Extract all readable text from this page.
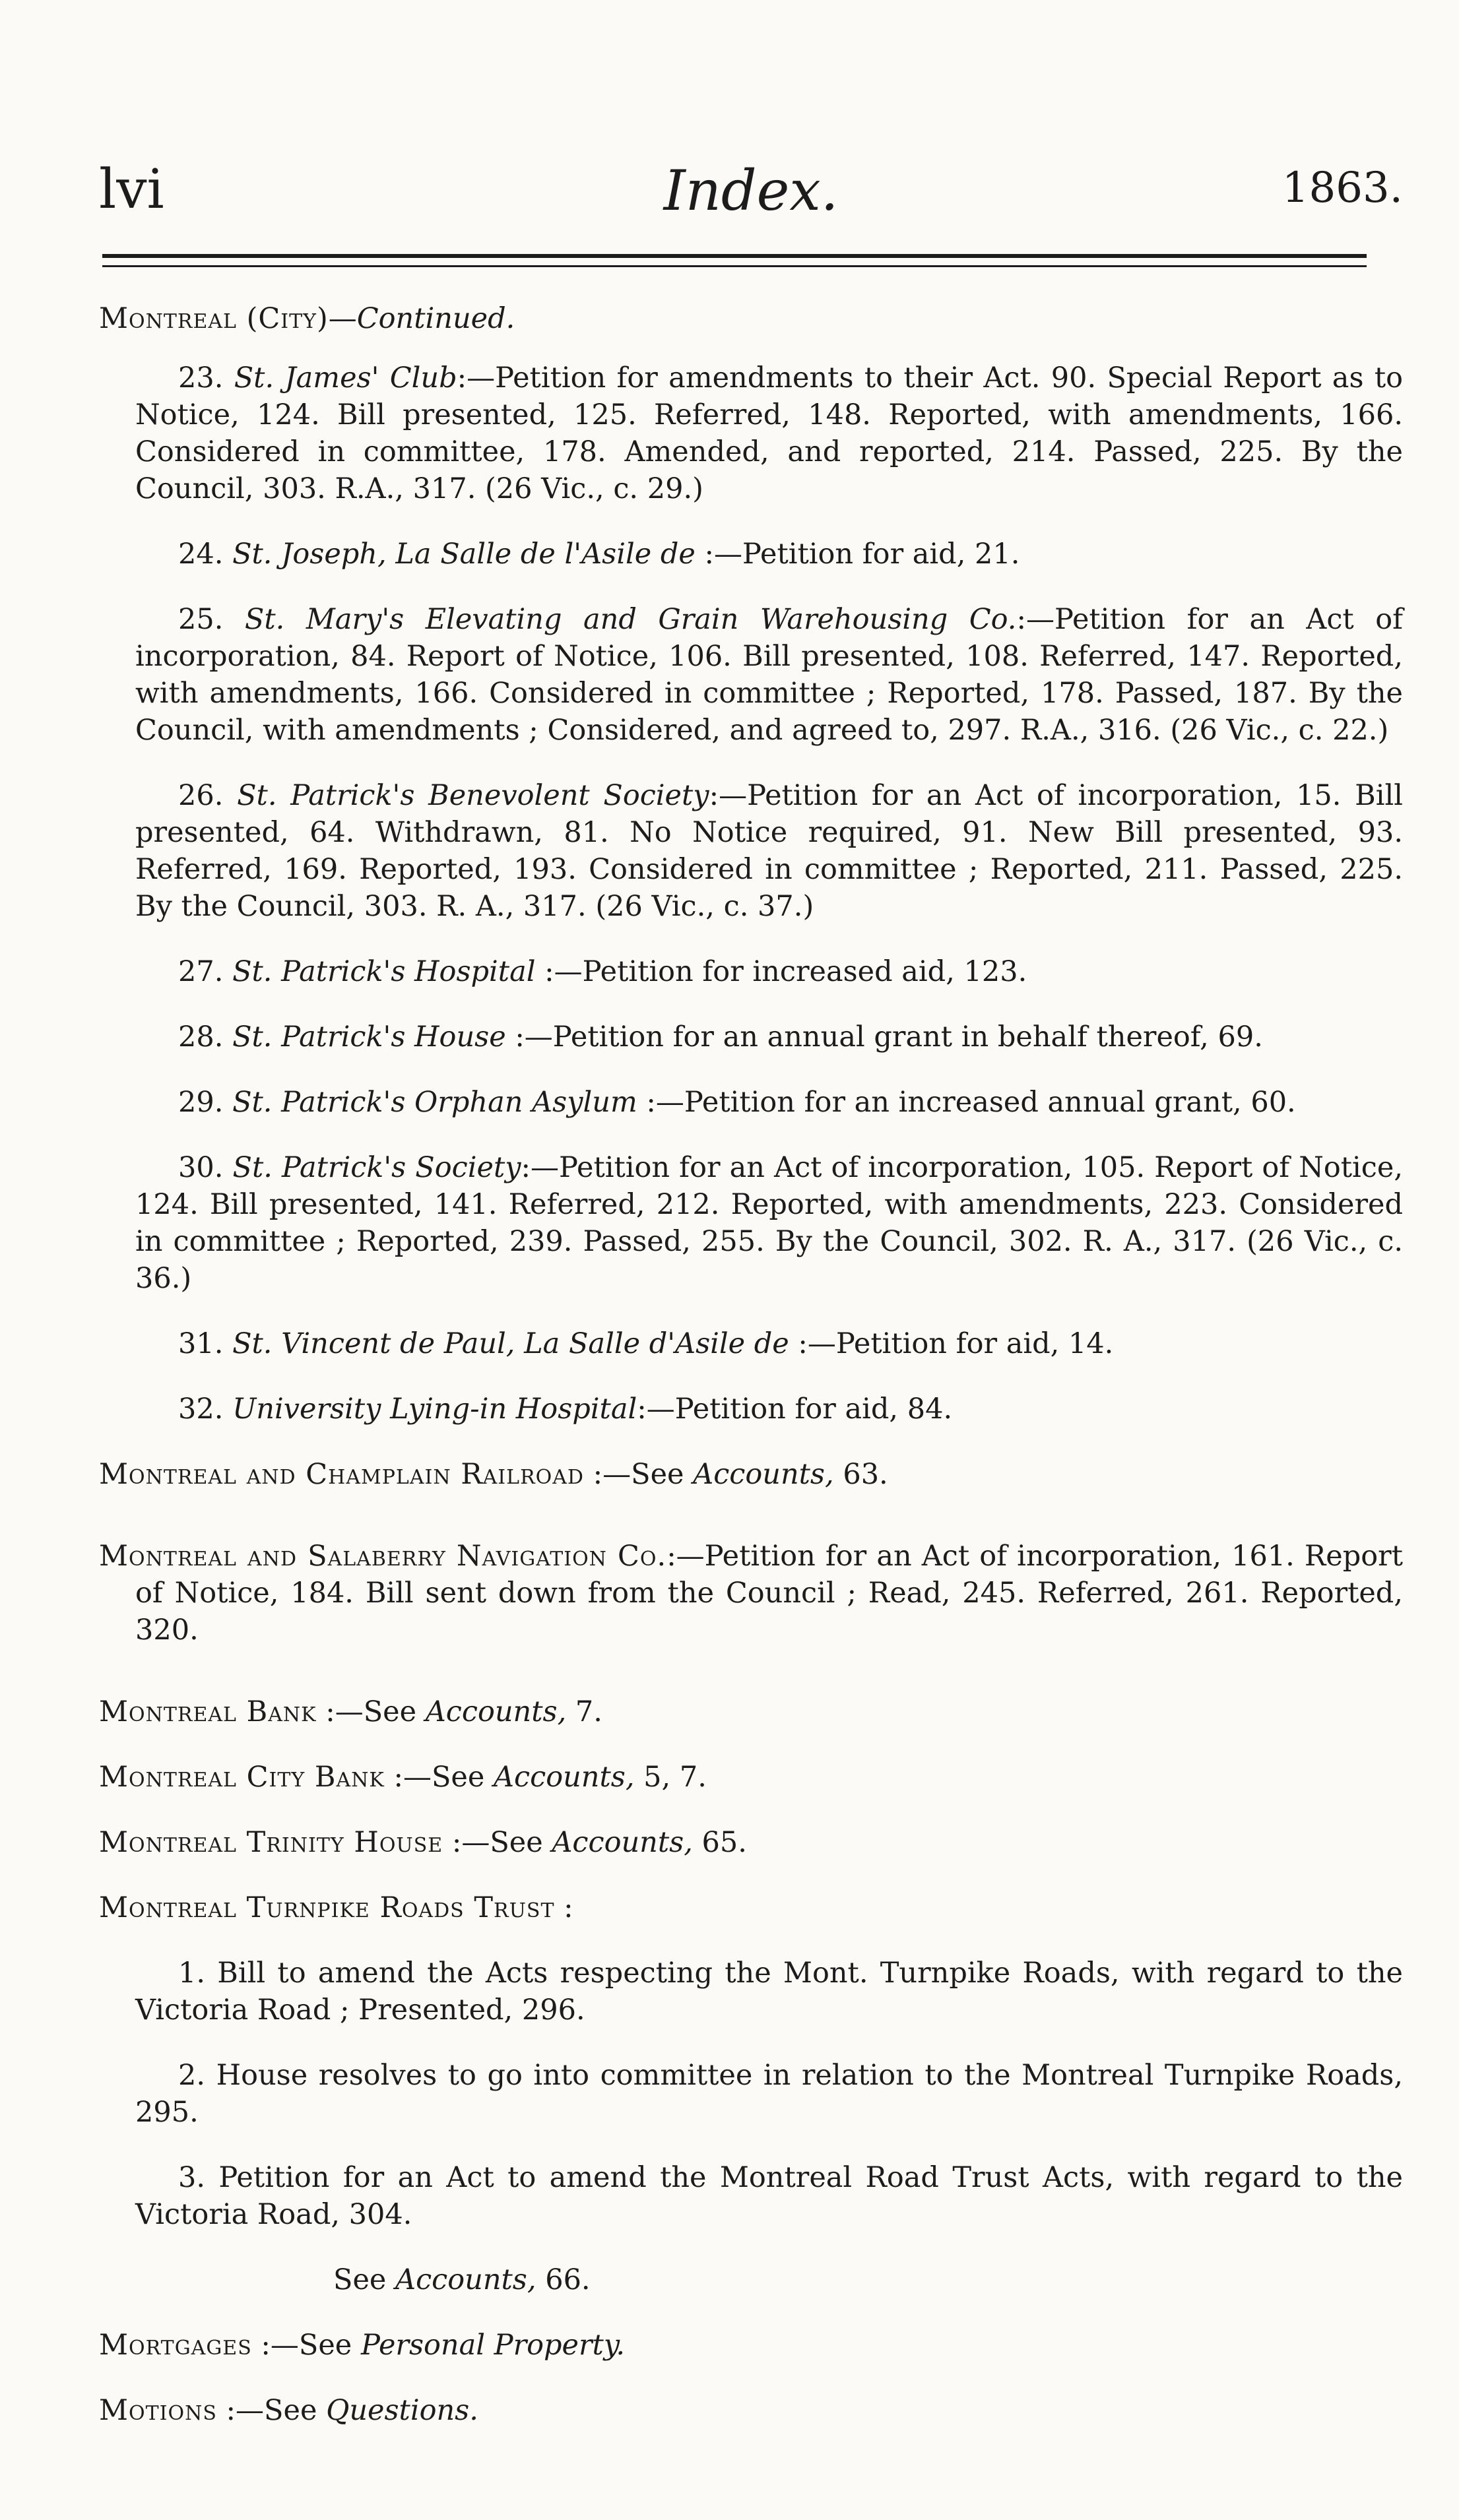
lvi	Index.	1863.

Montreal (City)—Continued.

23. St. James' Club:—Petition for amendments to their Act. 90. Special Report as to Notice, 124. Bill presented, 125. Referred, 148. Reported, with amendments, 166. Considered in committee, 178. Amended, and reported, 214. Passed, 225. By the Council, 303. R.A., 317. (26 Vic., c. 29.)

24. St. Joseph, La Salle de l'Asile de :—Petition for aid, 21.

25. St. Mary's Elevating and Grain Warehousing Co.:—Petition for an Act of incorporation, 84. Report of Notice, 106. Bill presented, 108. Referred, 147. Reported, with amendments, 166. Considered in committee ; Reported, 178. Passed, 187. By the Council, with amendments ; Considered, and agreed to, 297. R.A., 316. (26 Vic., c. 22.)

26. St. Patrick's Benevolent Society:—Petition for an Act of incorporation, 15. Bill presented, 64. Withdrawn, 81. No Notice required, 91. New Bill presented, 93. Referred, 169. Reported, 193. Considered in committee ; Reported, 211. Passed, 225. By the Council, 303. R. A., 317. (26 Vic., c. 37.)

27. St. Patrick's Hospital :—Petition for increased aid, 123.

28. St. Patrick's House :—Petition for an annual grant in behalf thereof, 69.

29. St. Patrick's Orphan Asylum :—Petition for an increased annual grant, 60.

30. St. Patrick's Society:—Petition for an Act of incorporation, 105. Report of Notice, 124. Bill presented, 141. Referred, 212. Reported, with amendments, 223. Considered in committee ; Reported, 239. Passed, 255. By the Council, 302. R. A., 317. (26 Vic., c. 36.)

31. St. Vincent de Paul, La Salle d'Asile de :—Petition for aid, 14.

32. University Lying-in Hospital:—Petition for aid, 84.

Montreal and Champlain Railroad :—See Accounts, 63.

Montreal and Salaberry Navigation Co.:—Petition for an Act of incorporation, 161. Report of Notice, 184. Bill sent down from the Council ; Read, 245. Referred, 261. Reported, 320.

Montreal Bank :—See Accounts, 7.

Montreal City Bank :—See Accounts, 5, 7.

Montreal Trinity House :—See Accounts, 65.

Montreal Turnpike Roads Trust :

1. Bill to amend the Acts respecting the Mont. Turnpike Roads, with regard to the Victoria Road ; Presented, 296.

2. House resolves to go into committee in relation to the Montreal Turnpike Roads, 295.

3. Petition for an Act to amend the Montreal Road Trust Acts, with regard to the Victoria Road, 304.

See Accounts, 66.

Mortgages :—See Personal Property.

Motions :—See Questions.
